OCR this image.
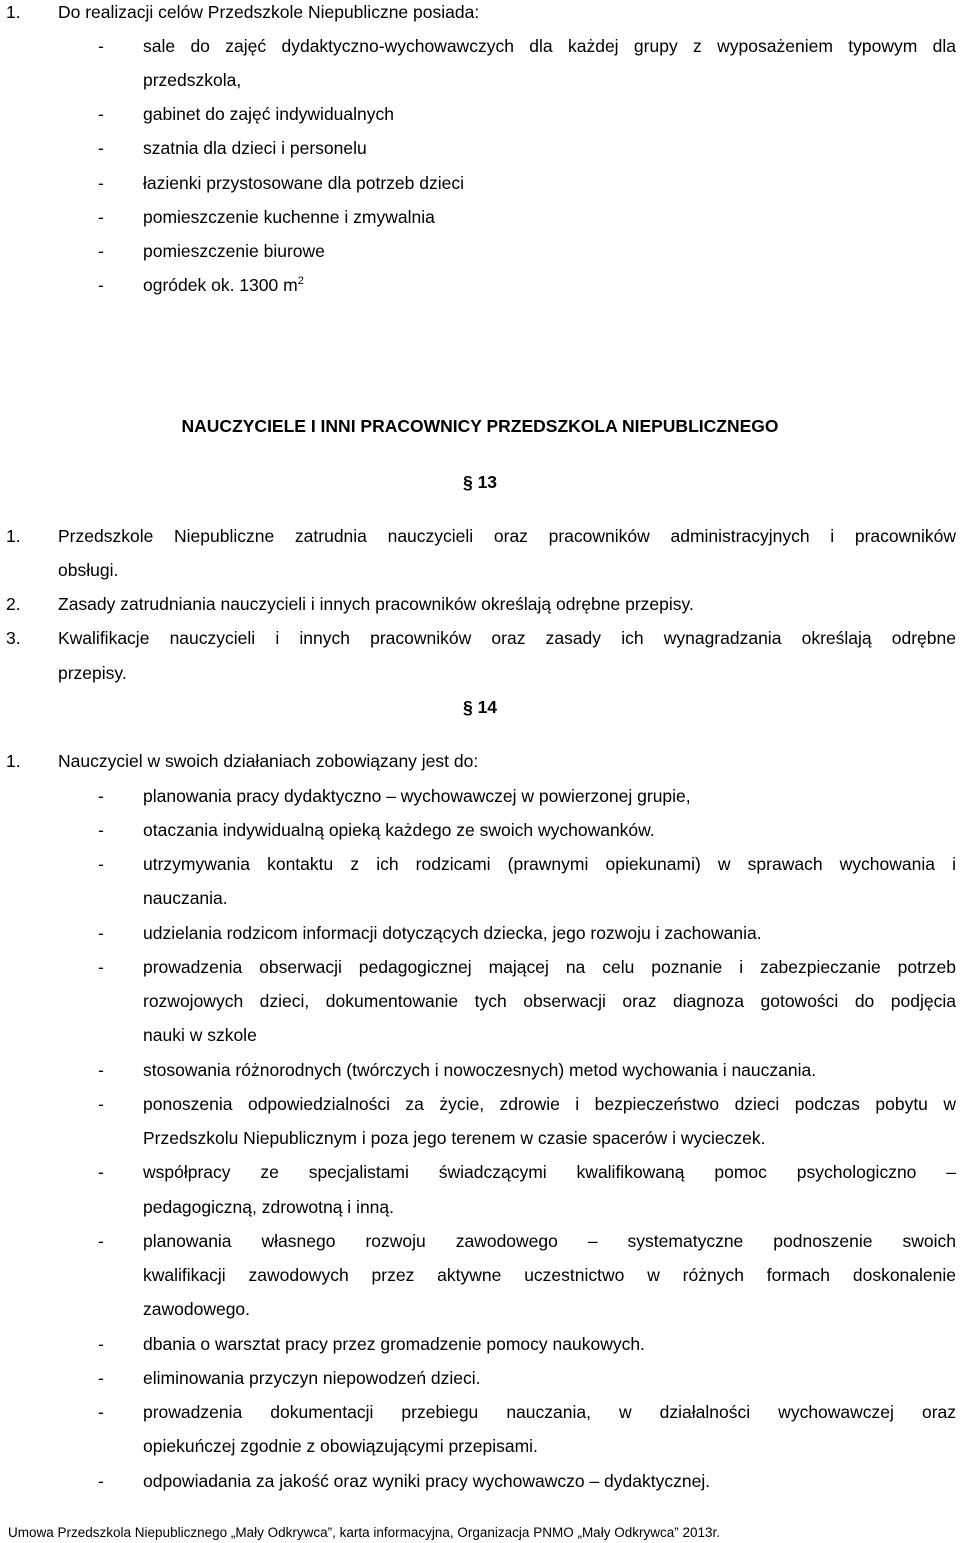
1. Do realizacji celów Przedszkole Niepubliczne posiada:
- sale do zajęć dydaktyczno-wychowawczych dla każdej grupy z wyposażeniem typowym dla
przedszkola,
- gabinet do zajęć indywidualnych
- szatnia dla dzieci i personelu
- łazienki przystosowane dla potrzeb dzieci
- pomieszczenie kuchenne i zmywalnia
- pomieszczenie biurowe
- ogródek ok. 1300 $m^2$
NAUCZYCIELE I INNI PRACOWNICY PRZEDSZKOLA NIEPUBLICZNEGO
§ 13
1. Przedszkole Niepubliczne zatrudnia nauczycieli oraz pracowników administracyjnych i pracowników
obsługi.
2. Zasady zatrudniania nauczycieli i innych pracowników określają odrębne przepisy.
3. Kwalifikacje nauczycieli i innych pracowników oraz zasady ich wynagradzania określają odrębne
przepisy.
§ 14
1. Nauczyciel w swoich działaniach zobowiązany jest do:
- planowania pracy dydaktyczno – wychowawczej w powierzonej grupie,
- otaczania indywidualną opieką każdego ze swoich wychowanków.
- utrzymywania kontaktu z ich rodzicami (prawnymi opiekunami) w sprawach wychowania i
nauczania.
- udzielania rodzicom informacji dotyczących dziecka, jego rozwoju i zachowania.
- prowadzenia obserwacji pedagogicznej mającej na celu poznanie i zabezpieczanie potrzeb
rozwojowych dzieci, dokumentowanie tych obserwacji oraz diagnoza gotowości do podjęcia
nauki w szkole
- stosowania różnorodnych (twórczych i nowoczesnych) metod wychowania i nauczania.
- ponoszenia odpowiedzialności za życie, zdrowie i bezpieczeństwo dzieci podczas pobytu w
Przedszkolu Niepublicznym i poza jego terenem w czasie spacerów i wycieczek.
- współpracy ze specjalistami świadczącymi kwalifikowaną pomoc psychologiczno –
pedagogiczną, zdrowotną i inną.
- planowania własnego rozwoju zawodowego – systematyczne podnoszenie swoich
kwalifikacji zawodowych przez aktywne uczestnictwo w różnych formach doskonalenie
zawodowego.
- dbania o warsztat pracy przez gromadzenie pomocy naukowych.
- eliminowania przyczyn niepowodzeń dzieci.
- prowadzenia dokumentacji przebiegu nauczania, w działalności wychowawczej oraz
opiekuńczej zgodnie z obowiązującymi przepisami.
- odpowiadania za jakość oraz wyniki pracy wychowawczo – dydaktycznej.
Umowa Przedszkola Niepublicznego „Mały Odkrywca”, karta informacyjna, Organizacja PNMO „Mały Odkrywca” 2013r.
